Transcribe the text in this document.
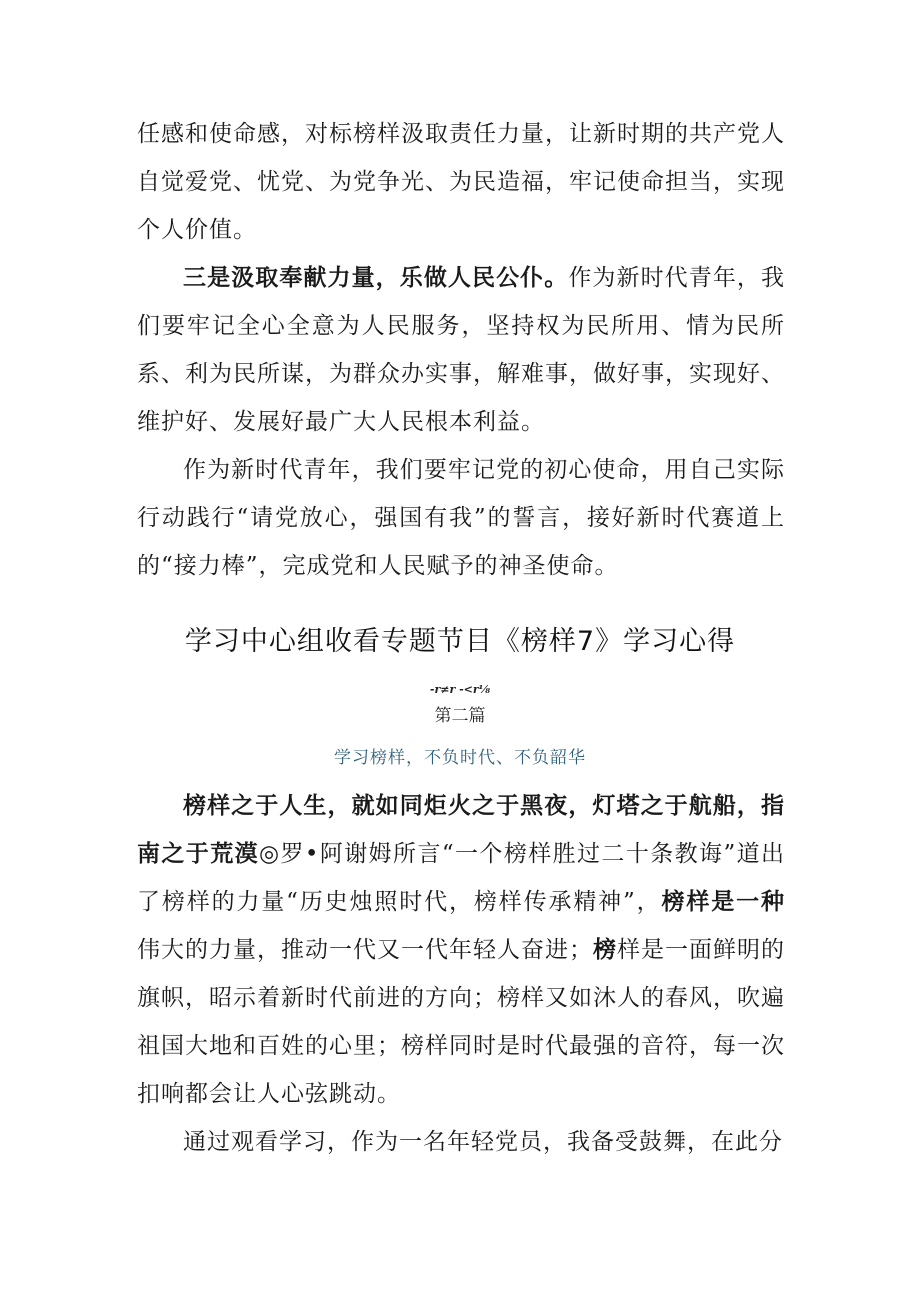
任感和使命感，对标榜样汲取责任力量，让新时期的共产党人自觉爱党、忧党、为党争光、为民造福，牢记使命担当，实现个人价值。

三是汲取奉献力量，乐做人民公仆。作为新时代青年，我们要牢记全心全意为人民服务，坚持权为民所用、情为民所系、利为民所谋，为群众办实事，解难事，做好事，实现好、维护好、发展好最广大人民根本利益。

作为新时代青年，我们要牢记党的初心使命，用自己实际行动践行“请党放心，强国有我”的誓言，接好新时代赛道上的“接力棒”，完成党和人民赋予的神圣使命。

学习中心组收看专题节目《榜样7》学习心得
-r≠r -<r⅛
第二篇
学习榜样，不负时代、不负韶华

榜样之于人生，就如同炬火之于黑夜，灯塔之于航船，指南之于荒漠◎罗•阿谢姆所言“一个榜样胜过二十条教诲”道出了榜样的力量“历史烛照时代，榜样传承精神”，榜样是一种伟大的力量，推动一代又一代年轻人奋进；榜样是一面鲜明的旗帜，昭示着新时代前进的方向；榜样又如沐人的春风，吹遍祖国大地和百姓的心里；榜样同时是时代最强的音符，每一次扣响都会让人心弦跳动。

通过观看学习，作为一名年轻党员，我备受鼓舞，在此分
